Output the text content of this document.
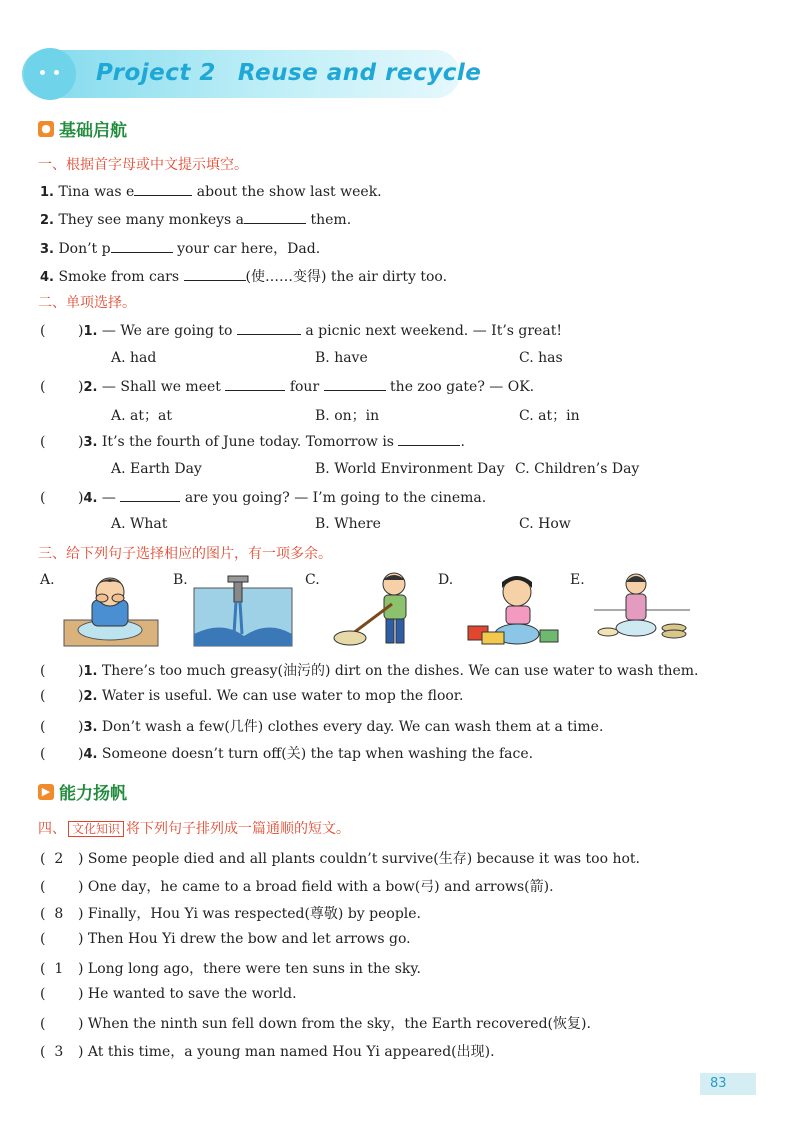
Project 2 Reuse and recycle
● 基础启航
一、根据首字母或中文提示填空。
1. Tina was e	about the show last week.
2. They see many monkeys a	them.
3. Don’t p	your car here，Dad.
4. Smoke from cars	(使……变得) the air dirty too.
二、单项选择。
( )1. — We are going to	a picnic next weekend. — It’s great!
A. had	B. have	C. has
( )2. — Shall we meet	four	the zoo gate? — OK.
A. at；at	B. on；in	C. at；in
( )3. It’s the fourth of June today. Tomorrow is	.
A. Earth Day	B. World Environment Day C. Children’s Day
( )4. —	are you going? — I’m going to the cinema.
A. What	B. Where	C. How
三、给下列句子选择相应的图片，有一项多余。
A.	B.	C.	D.	E.
( )1. There’s too much greasy(油污的) dirt on the dishes. We can use water to wash them.
( )2. Water is useful. We can use water to mop the floor.
( )3. Don’t wash a few(几件) clothes every day. We can wash them at a time.
( )4. Someone doesn’t turn off(关) the tap when washing the face.
▶ 能力扬帆
四、 文化知识 将下列句子排列成一篇通顺的短文。
(  2 ) Some people died and all plants couldn’t survive(生存) because it was too hot.
(  ) One day，he came to a broad field with a bow(弓) and arrows(箭).
(  8 ) Finally，Hou Yi was respected(尊敬) by people.
(  ) Then Hou Yi drew the bow and let arrows go.
(  1 ) Long long ago，there were ten suns in the sky.
(  ) He wanted to save the world.
(  ) When the ninth sun fell down from the sky，the Earth recovered(恢复).
(  3 ) At this time，a young man named Hou Yi appeared(出现).
83
